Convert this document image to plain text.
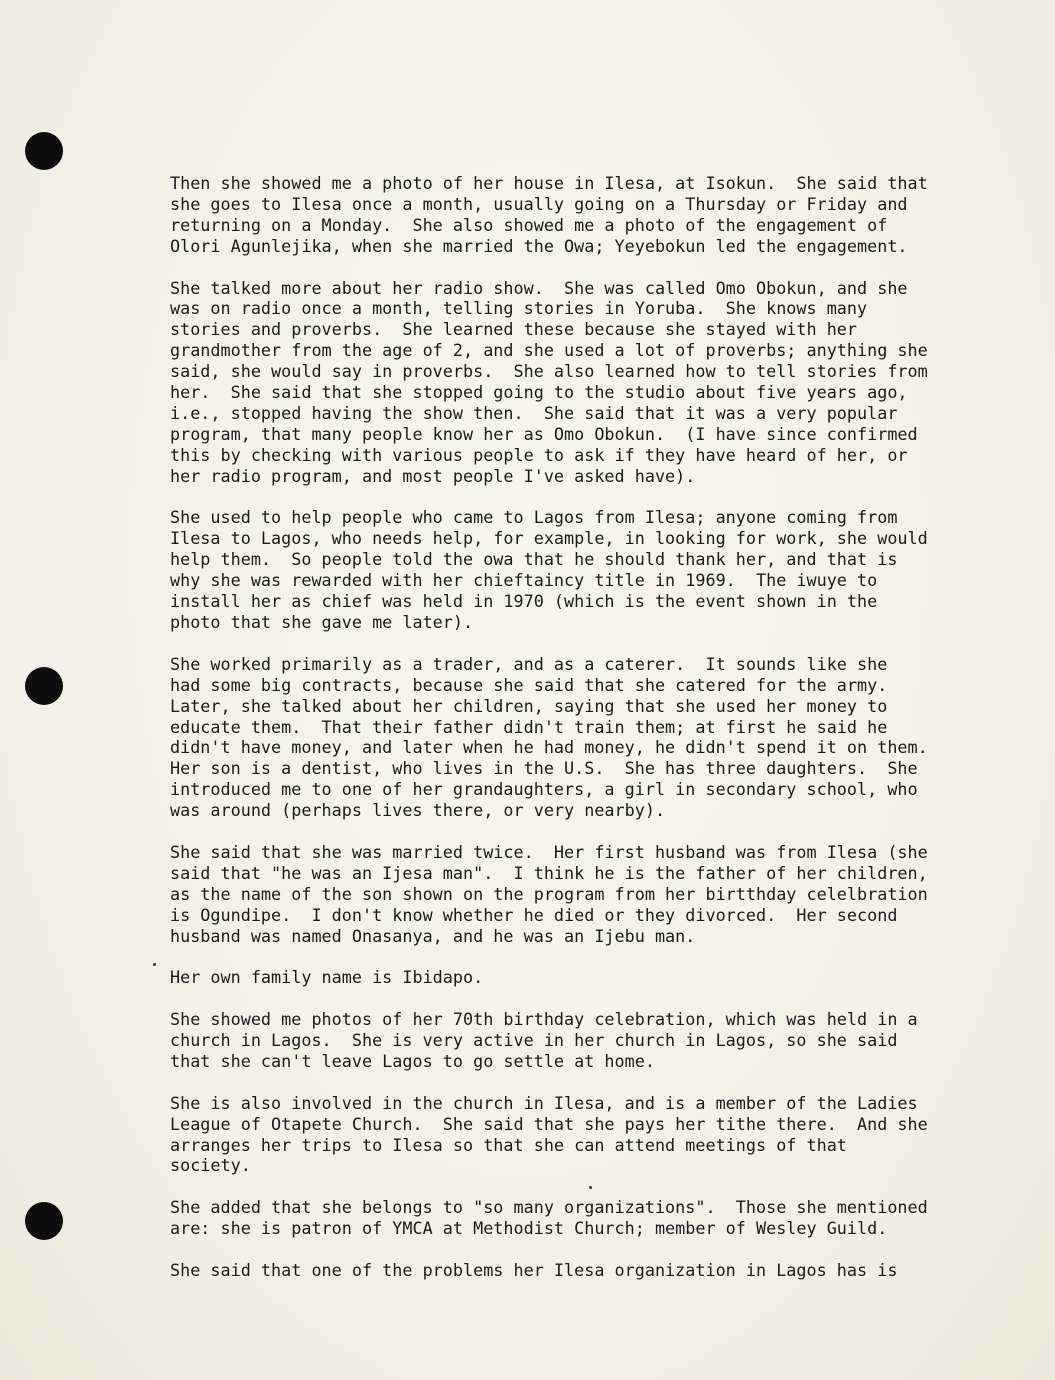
Then she showed me a photo of her house in Ilesa, at Isokun.  She said that
she goes to Ilesa once a month, usually going on a Thursday or Friday and
returning on a Monday.  She also showed me a photo of the engagement of
Olori Agunlejika, when she married the Owa; Yeyebokun led the engagement.
She talked more about her radio show.  She was called Omo Obokun, and she
was on radio once a month, telling stories in Yoruba.  She knows many
stories and proverbs.  She learned these because she stayed with her
grandmother from the age of 2, and she used a lot of proverbs; anything she
said, she would say in proverbs.  She also learned how to tell stories from
her.  She said that she stopped going to the studio about five years ago,
i.e., stopped having the show then.  She said that it was a very popular
program, that many people know her as Omo Obokun.  (I have since confirmed
this by checking with various people to ask if they have heard of her, or
her radio program, and most people I've asked have).
She used to help people who came to Lagos from Ilesa; anyone coming from
Ilesa to Lagos, who needs help, for example, in looking for work, she would
help them.  So people told the owa that he should thank her, and that is
why she was rewarded with her chieftaincy title in 1969.  The iwuye to
install her as chief was held in 1970 (which is the event shown in the
photo that she gave me later).
She worked primarily as a trader, and as a caterer.  It sounds like she
had some big contracts, because she said that she catered for the army.
Later, she talked about her children, saying that she used her money to
educate them.  That their father didn't train them; at first he said he
didn't have money, and later when he had money, he didn't spend it on them.
Her son is a dentist, who lives in the U.S.  She has three daughters.  She
introduced me to one of her grandaughters, a girl in secondary school, who
was around (perhaps lives there, or very nearby).
She said that she was married twice.  Her first husband was from Ilesa (she
said that "he was an Ijesa man".  I think he is the father of her children,
as the name of the son shown on the program from her birtthday celelbration
is Ogundipe.  I don't know whether he died or they divorced.  Her second
husband was named Onasanya, and he was an Ijebu man.
Her own family name is Ibidapo.
She showed me photos of her 70th birthday celebration, which was held in a
church in Lagos.  She is very active in her church in Lagos, so she said
that she can't leave Lagos to go settle at home.
She is also involved in the church in Ilesa, and is a member of the Ladies
League of Otapete Church.  She said that she pays her tithe there.  And she
arranges her trips to Ilesa so that she can attend meetings of that
society.
She added that she belongs to "so many organizations".  Those she mentioned
are: she is patron of YMCA at Methodist Church; member of Wesley Guild.
She said that one of the problems her Ilesa organization in Lagos has is
